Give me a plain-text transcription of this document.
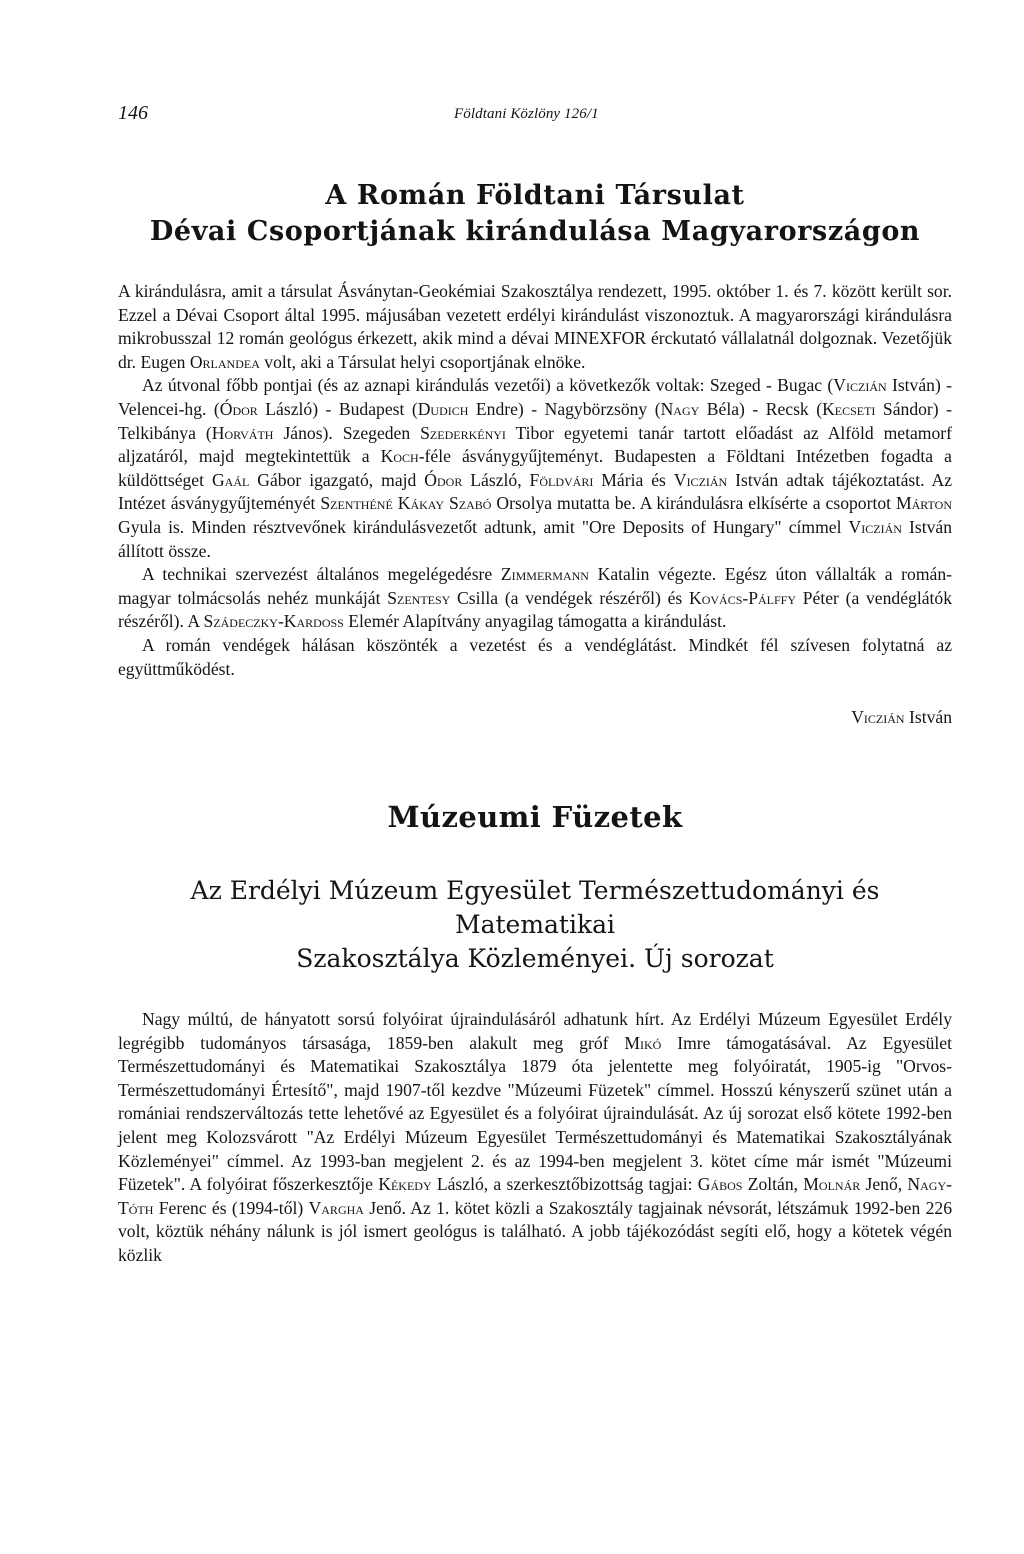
146	Földtani Közlöny 126/1
A Román Földtani Társulat
Dévai Csoportjának kirándulása Magyarországon

A kirándulásra, amit a társulat Ásványtan-Geokémiai Szakosztálya rendezett, 1995. október 1. és 7. között került sor. Ezzel a Dévai Csoport által 1995. májusában vezetett erdélyi kirándulást viszonoztuk. A magyarországi kirándulásra mikrobusszal 12 román geológus érkezett, akik mind a dévai MINEXFOR érckutató vállalatnál dolgoznak. Vezetőjük dr. Eugen Orlandea volt, aki a Társulat helyi csoportjának elnöke.

Az útvonal főbb pontjai (és az aznapi kirándulás vezetői) a következők voltak: Szeged - Bugac (Viczián István) - Velencei-hg. (Ódor László) - Budapest (Dudich Endre) - Nagybörzsöny (Nagy Béla) - Recsk (Kecseti Sándor) - Telkibánya (Horváth János). Szegeden Szederkényi Tibor egyetemi tanár tartott előadást az Alföld metamorf aljzatáról, majd megtekintettük a Koch-féle ásványgyűjteményt. Budapesten a Földtani Intézetben fogadta a küldöttséget Gaál Gábor igazgató, majd Ódor László, Földvári Mária és Viczián István adtak tájékoztatást. Az Intézet ásványgyűjteményét Szenthéné Kákay Szabó Orsolya mutatta be. A kirándulásra elkísérte a csoportot Márton Gyula is. Minden résztvevőnek kirándulásvezetőt adtunk, amit "Ore Deposits of Hungary" címmel Viczián István állított össze.

A technikai szervezést általános megelégedésre Zimmermann Katalin végezte. Egész úton vállalták a román-magyar tolmácsolás nehéz munkáját Szentesy Csilla (a vendégek részéről) és Kovács-Pálffy Péter (a vendéglátók részéről). A Szádeczky-Kardoss Elemér Alapítvány anyagilag támogatta a kirándulást.

A román vendégek hálásan köszönték a vezetést és a vendéglátást. Mindkét fél szívesen folytatná az együttműködést.

Viczián István
Múzeumi Füzetek
Az Erdélyi Múzeum Egyesület Természettudományi és Matematikai
Szakosztálya Közleményei. Új sorozat

Nagy múltú, de hányatott sorsú folyóirat újraindulásáról adhatunk hírt. Az Erdélyi Múzeum Egyesület Erdély legrégibb tudományos társasága, 1859-ben alakult meg gróf Mikó Imre támogatásával. Az Egyesület Természettudományi és Matematikai Szakosztálya 1879 óta jelentette meg folyóiratát, 1905-ig "Orvos-Természettudományi Értesítő", majd 1907-től kezdve "Múzeumi Füzetek" címmel. Hosszú kényszerű szünet után a romániai rendszerváltozás tette lehetővé az Egyesület és a folyóirat újraindulását. Az új sorozat első kötete 1992-ben jelent meg Kolozsvárott "Az Erdélyi Múzeum Egyesület Természettudományi és Matematikai Szakosztályának Közleményei" címmel. Az 1993-ban megjelent 2. és az 1994-ben megjelent 3. kötet címe már ismét "Múzeumi Füzetek". A folyóirat főszerkesztője Kékedy László, a szerkesztőbizottság tagjai: Gábos Zoltán, Molnár Jenő, Nagy-Tóth Ferenc és (1994-től) Vargha Jenő. Az 1. kötet közli a Szakosztály tagjainak névsorát, létszámuk 1992-ben 226 volt, köztük néhány nálunk is jól ismert geológus is található. A jobb tájékozódást segíti elő, hogy a kötetek végén közlik
